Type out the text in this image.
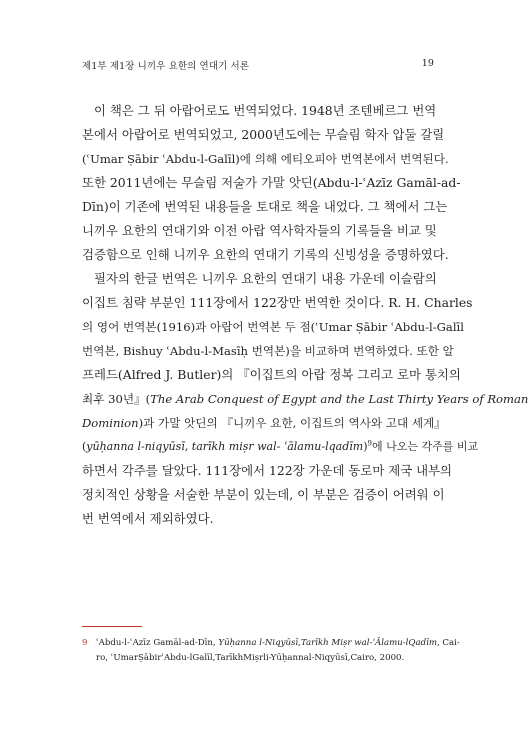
제1부 제1장 니끼우 요한의 연대기 서론	19
이 책은 그 뒤 아랍어로도 번역되었다. 1948년 조텐베르그 번역
본에서 아랍어로 번역되었고, 2000년도에는 무슬림 학자 압둘 갈릴
(ʿUmar Ṣābir ʿAbdu-l-Galīl)에 의해 에티오피아 번역본에서 번역된다.
또한 2011년에는 무슬림 저술가 가말 앗딘(Abdu-l-ʿAzīz Gamāl-ad-
Dīn)이 기존에 번역된 내용들을 토대로 책을 내었다. 그 책에서 그는
니끼우 요한의 연대기와 이전 아랍 역사학자들의 기록들을 비교 및
검증함으로 인해 니끼우 요한의 연대기 기록의 신빙성을 증명하였다.
필자의 한글 번역은 니끼우 요한의 연대기 내용 가운데 이슬람의
이집트 침략 부분인 111장에서 122장만 번역한 것이다. R. H. Charles
의 영어 번역본(1916)과 아랍어 번역본 두 점(ʿUmar Ṣābir ʿAbdu-l-Galīl
번역본, Bishuy ʿAbdu-l-Masīḥ 번역본)을 비교하며 번역하였다. 또한 알
프레드(Alfred J. Butler)의 『이집트의 아랍 정복 그리고 로마 통치의
최후 30년』(The Arab Conquest of Egypt and the Last Thirty Years of Roman
Dominion)과 가말 앗딘의 『니끼우 요한, 이집트의 역사와 고대 세계』
(yūḥanna l-niqyūsī, tarīkh miṣr wal- ʿālamu-lqadīm)$^9$에 나오는 각주를 비교
하면서 각주를 달았다. 111장에서 122장 가운데 동로마 제국 내부의
정치적인 상황을 서술한 부분이 있는데, 이 부분은 검증이 어려워 이
번 번역에서 제외하였다.
9 ʿAbdu-l-ʿAzīz Gamāl-ad-Dīn, Yūḥanna l-Niqyūsī,Tarīkh Miṣr wal-ʿĀlamu-lQadīm, Cai-
ro, ʿUmarṢābirʿAbdu-lGalīl,TarīkhMiṣrli-Yūḥannal-Niqyūsī,Cairo, 2000.
